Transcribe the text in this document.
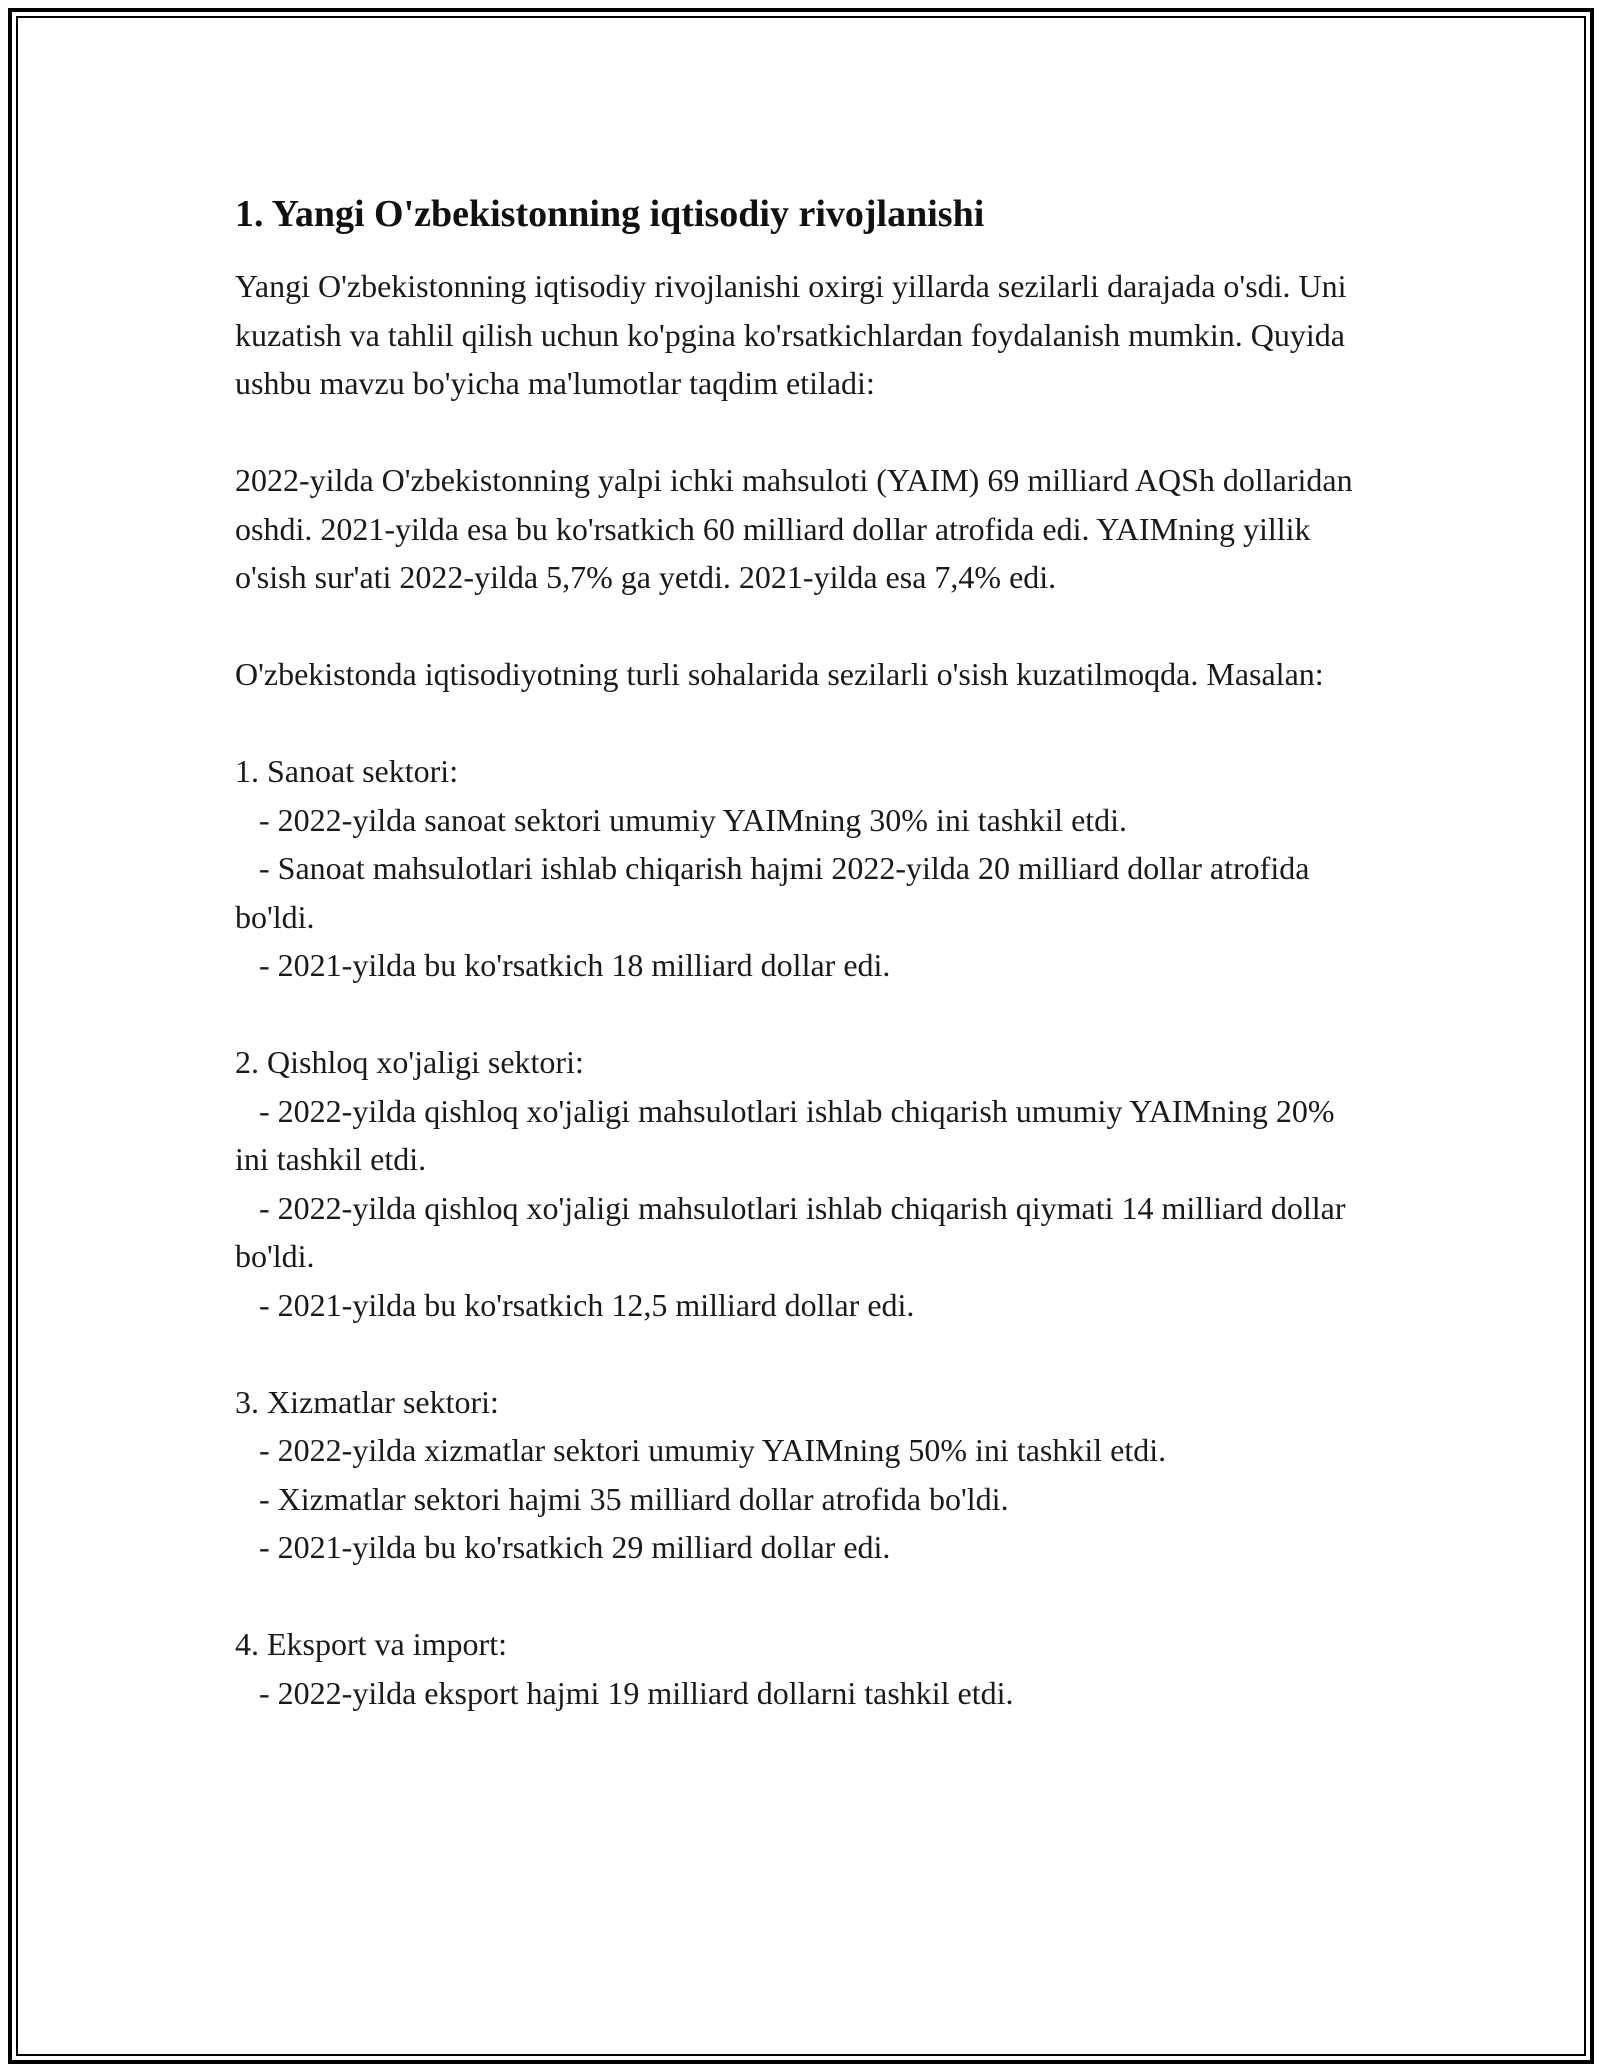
1. Yangi O'zbekistonning iqtisodiy rivojlanishi

Yangi O'zbekistonning iqtisodiy rivojlanishi oxirgi yillarda sezilarli darajada o'sdi. Uni kuzatish va tahlil qilish uchun ko'pgina ko'rsatkichlardan foydalanish mumkin. Quyida ushbu mavzu bo'yicha ma'lumotlar taqdim etiladi:

2022-yilda O'zbekistonning yalpi ichki mahsuloti (YAIM) 69 milliard AQSh dollaridan oshdi. 2021-yilda esa bu ko'rsatkich 60 milliard dollar atrofida edi. YAIMning yillik o'sish sur'ati 2022-yilda 5,7% ga yetdi. 2021-yilda esa 7,4% edi.

O'zbekistonda iqtisodiyotning turli sohalarida sezilarli o'sish kuzatilmoqda. Masalan:

1. Sanoat sektori:

- 2022-yilda sanoat sektori umumiy YAIMning 30% ini tashkil etdi.

- Sanoat mahsulotlari ishlab chiqarish hajmi 2022-yilda 20 milliard dollar atrofida bo'ldi.

- 2021-yilda bu ko'rsatkich 18 milliard dollar edi.

2. Qishloq xo'jaligi sektori:

- 2022-yilda qishloq xo'jaligi mahsulotlari ishlab chiqarish umumiy YAIMning 20% ini tashkil etdi.

- 2022-yilda qishloq xo'jaligi mahsulotlari ishlab chiqarish qiymati 14 milliard dollar bo'ldi.

- 2021-yilda bu ko'rsatkich 12,5 milliard dollar edi.

3. Xizmatlar sektori:

- 2022-yilda xizmatlar sektori umumiy YAIMning 50% ini tashkil etdi.

- Xizmatlar sektori hajmi 35 milliard dollar atrofida bo'ldi.

- 2021-yilda bu ko'rsatkich 29 milliard dollar edi.

4. Eksport va import:

- 2022-yilda eksport hajmi 19 milliard dollarni tashkil etdi.
